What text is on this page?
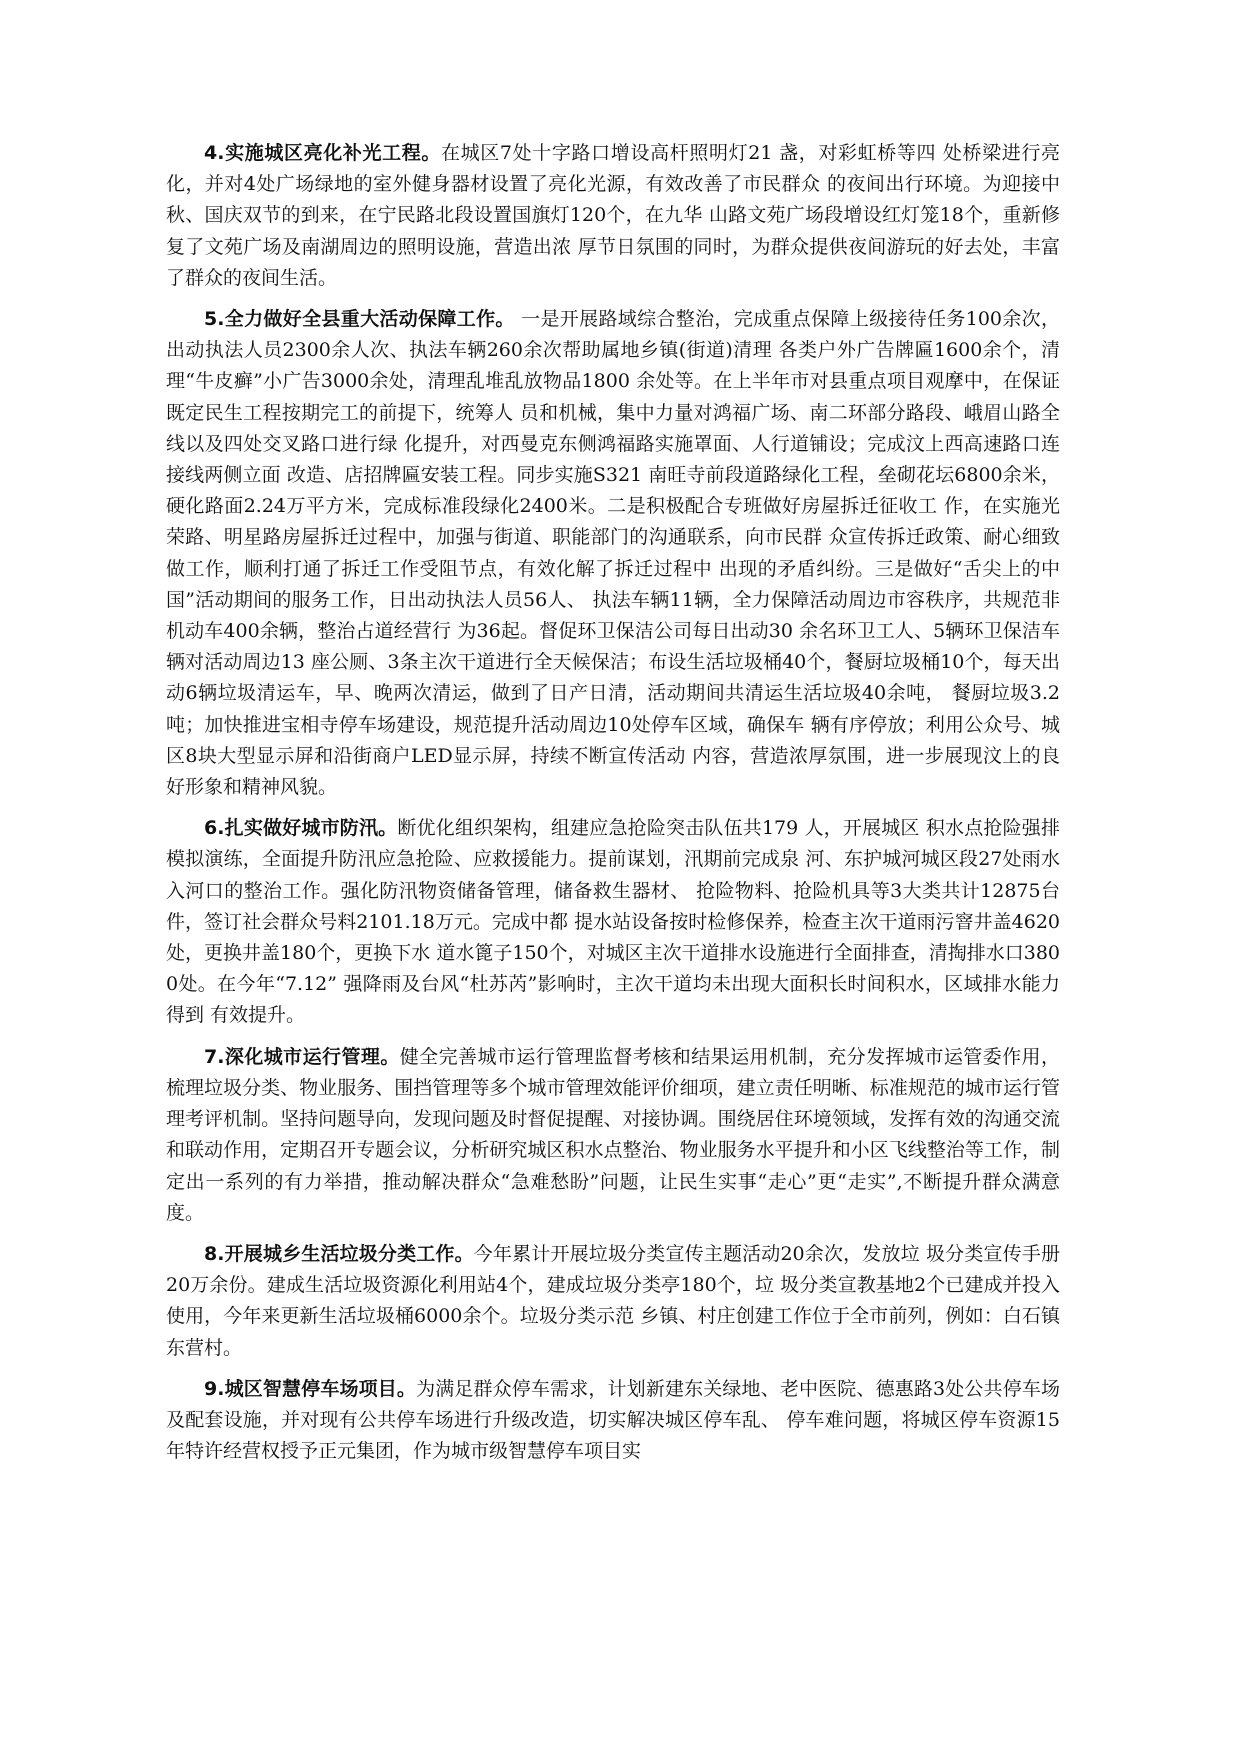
4.实施城区亮化补光工程。在城区7处十字路口增设高杆照明灯21 盏，对彩虹桥等四 处桥梁进行亮化，并对4处广场绿地的室外健身器材设置了亮化光源，有效改善了市民群众 的夜间出行环境。为迎接中秋、国庆双节的到来，在宁民路北段设置国旗灯120个，在九华 山路文苑广场段增设红灯笼18个，重新修复了文苑广场及南湖周边的照明设施，营造出浓 厚节日氛围的同时，为群众提供夜间游玩的好去处，丰富了群众的夜间生活。

5.全力做好全县重大活动保障工作。 一是开展路域综合整治，完成重点保障上级接待任务100余次，出动执法人员2300余人次、执法车辆260余次帮助属地乡镇(街道)清理 各类户外广告牌匾1600余个，清理“牛皮癣”小广告3000余处，清理乱堆乱放物品1800 余处等。在上半年市对县重点项目观摩中，在保证既定民生工程按期完工的前提下，统筹人 员和机械，集中力量对鸿福广场、南二环部分路段、峨眉山路全线以及四处交叉路口进行绿 化提升，对西曼克东侧鸿福路实施罩面、人行道铺设；完成汶上西高速路口连接线两侧立面 改造、店招牌匾安装工程。同步实施S321 南旺寺前段道路绿化工程，垒砌花坛6800余米， 硬化路面2.24万平方米，完成标准段绿化2400米。二是积极配合专班做好房屋拆迁征收工 作，在实施光荣路、明星路房屋拆迁过程中，加强与街道、职能部门的沟通联系，向市民群 众宣传拆迁政策、耐心细致做工作，顺利打通了拆迁工作受阻节点，有效化解了拆迁过程中 出现的矛盾纠纷。三是做好“舌尖上的中国”活动期间的服务工作，日出动执法人员56人、 执法车辆11辆，全力保障活动周边市容秩序，共规范非机动车400余辆，整治占道经营行 为36起。督促环卫保洁公司每日出动30 余名环卫工人、5辆环卫保洁车辆对活动周边13 座公厕、3条主次干道进行全天候保洁；布设生活垃圾桶40个，餐厨垃圾桶10个，每天出 动6辆垃圾清运车，早、晚两次清运，做到了日产日清，活动期间共清运生活垃圾40余吨， 餐厨垃圾3.2吨；加快推进宝相寺停车场建设，规范提升活动周边10处停车区域，确保车 辆有序停放；利用公众号、城区8块大型显示屏和沿街商户LED显示屏，持续不断宣传活动 内容，营造浓厚氛围，进一步展现汶上的良好形象和精神风貌。

6.扎实做好城市防汛。断优化组织架构，组建应急抢险突击队伍共179 人，开展城区 积水点抢险强排模拟演练，全面提升防汛应急抢险、应救援能力。提前谋划，汛期前完成泉 河、东护城河城区段27处雨水入河口的整治工作。强化防汛物资储备管理，储备救生器材、 抢险物料、抢险机具等3大类共计12875台件，签订社会群众号料2101.18万元。完成中都 提水站设备按时检修保养，检查主次干道雨污窨井盖4620处，更换井盖180个，更换下水 道水篦子150个，对城区主次干道排水设施进行全面排查，清掏排水口3800处。在今年“7.12” 强降雨及台风“杜苏芮”影响时，主次干道均未出现大面积长时间积水，区域排水能力得到 有效提升。

7.深化城市运行管理。健全完善城市运行管理监督考核和结果运用机制，充分发挥城市运管委作用，梳理垃圾分类、物业服务、围挡管理等多个城市管理效能评价细项，建立责任明晰、标准规范的城市运行管理考评机制。坚持问题导向，发现问题及时督促提醒、对接协调。围绕居住环境领域，发挥有效的沟通交流和联动作用，定期召开专题会议，分析研究城区积水点整治、物业服务水平提升和小区飞线整治等工作，制定出一系列的有力举措，推动解决群众“急难愁盼”问题，让民生实事“走心”更“走实”,不断提升群众满意度。

8.开展城乡生活垃圾分类工作。今年累计开展垃圾分类宣传主题活动20余次，发放垃 圾分类宣传手册20万余份。建成生活垃圾资源化利用站4个，建成垃圾分类亭180个，垃 圾分类宣教基地2个已建成并投入使用，今年来更新生活垃圾桶6000余个。垃圾分类示范 乡镇、村庄创建工作位于全市前列，例如：白石镇东营村。

9.城区智慧停车场项目。为满足群众停车需求，计划新建东关绿地、老中医院、德惠路3处公共停车场及配套设施，并对现有公共停车场进行升级改造，切实解决城区停车乱、 停车难问题，将城区停车资源15年特许经营权授予正元集团，作为城市级智慧停车项目实
